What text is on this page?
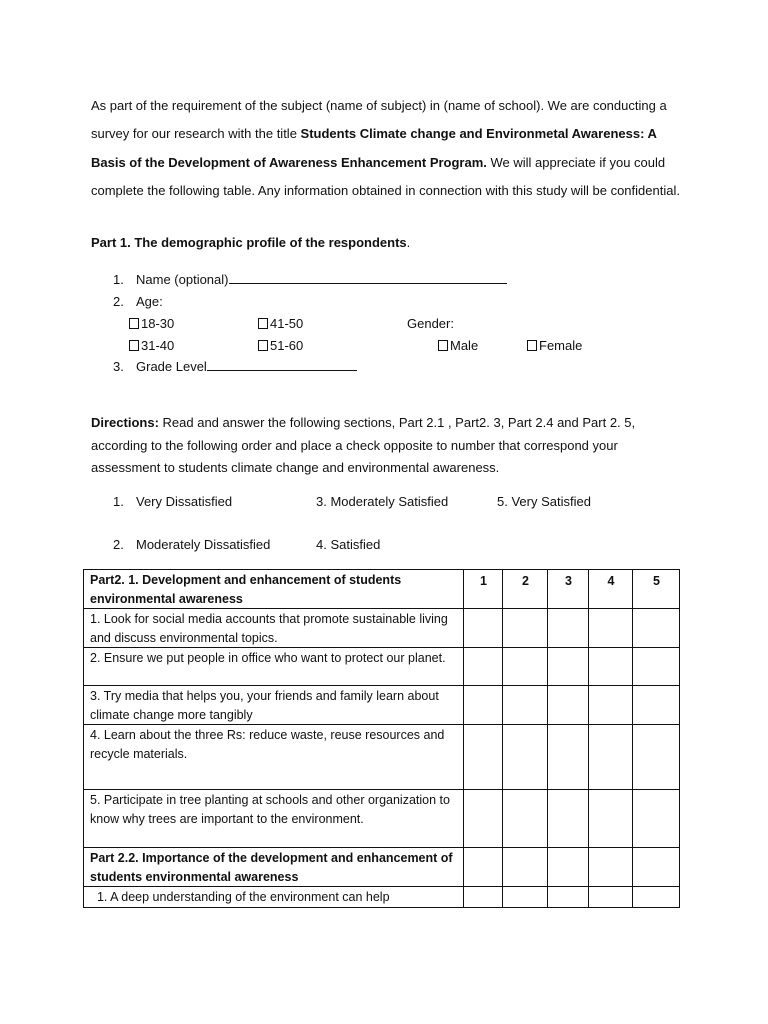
As part of the requirement of the subject (name of subject) in (name of school). We are conducting a survey for our research with the title Students Climate change and Environmetal Awareness: A Basis of the Development of Awareness Enhancement Program. We will appreciate if you could complete the following table. Any information obtained in connection with this study will be confidential.
Part 1. The demographic profile of the respondents.
1. Name (optional)
2. Age:
18-30	41-50	Gender:
31-40	51-60	Male	Female
3. Grade Level
Directions: Read and answer the following sections, Part 2.1 , Part2. 3, Part 2.4 and Part 2. 5, according to the following order and place a check opposite to number that correspond your assessment to students climate change and environmental awareness.
1. Very Dissatisfied	3. Moderately Satisfied	5. Very Satisfied
2. Moderately Dissatisfied	4. Satisfied
Part2. 1. Development and enhancement of students environmental awareness	1	2	3	4	5
1. Look for social media accounts that promote sustainable living and discuss environmental topics.					
2. Ensure we put people in office who want to protect our planet.					
3. Try media that helps you, your friends and family learn about climate change more tangibly					
4. Learn about the three Rs: reduce waste, reuse resources and recycle materials.					
5. Participate in tree planting at schools and other organization to know why trees are important to the environment.					
Part 2.2. Importance of the development and enhancement of students environmental awareness					
1. A deep understanding of the environment can help					
